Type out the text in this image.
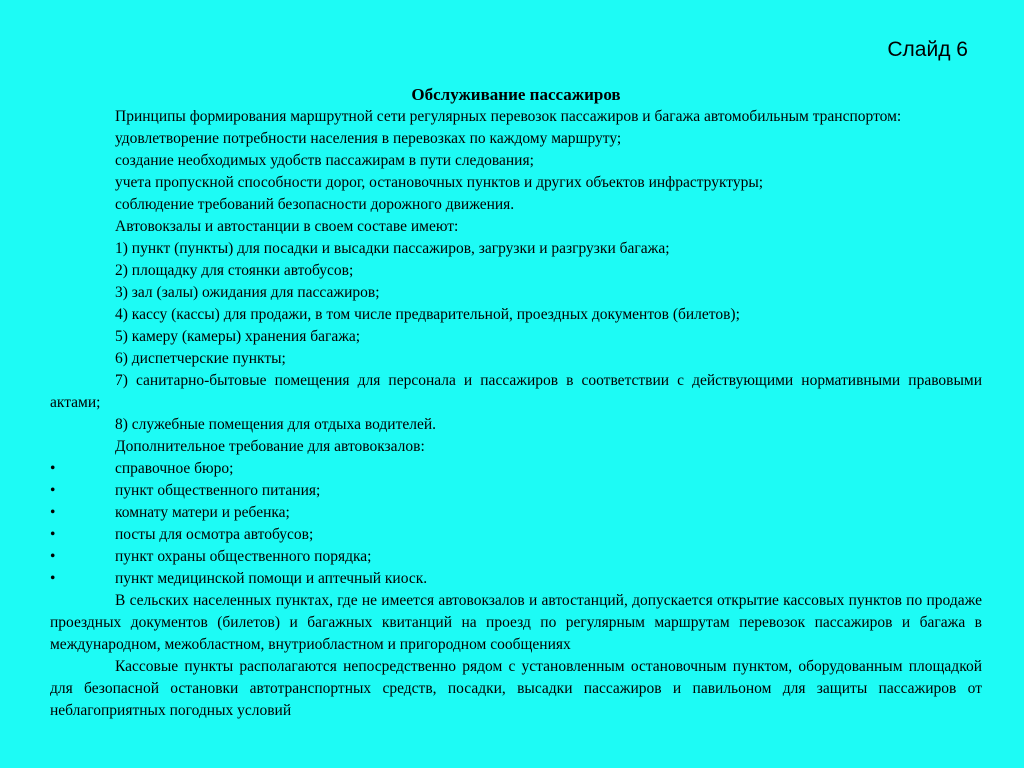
Слайд 6
Обслуживание пассажиров

Принципы формирования маршрутной сети регулярных перевозок пассажиров и багажа автомобильным транспортом:

удовлетворение потребности населения в перевозках по каждому маршруту;

создание необходимых удобств пассажирам в пути следования;

учета пропускной способности дорог, остановочных пунктов и других объектов инфраструктуры;

соблюдение требований безопасности дорожного движения.

Автовокзалы и автостанции в своем составе имеют:

1) пункт (пункты) для посадки и высадки пассажиров, загрузки и разгрузки багажа;

2) площадку для стоянки автобусов;

3) зал (залы) ожидания для пассажиров;

4) кассу (кассы) для продажи, в том числе предварительной, проездных документов (билетов);

5) камеру (камеры) хранения багажа;

6) диспетчерские пункты;

7) санитарно-бытовые помещения для персонала и пассажиров в соответствии с действующими нормативными правовыми актами;

8) служебные помещения для отдыха водителей.

Дополнительное требование для автовокзалов:

•	справочное бюро;
•	пункт общественного питания;
•	комнату матери и ребенка;
•	посты для осмотра автобусов;
•	пункт охраны общественного порядка;
•	пункт медицинской помощи и аптечный киоск.

В сельских населенных пунктах, где не имеется автовокзалов и автостанций, допускается открытие кассовых пунктов по продаже проездных документов (билетов) и багажных квитанций на проезд по регулярным маршрутам перевозок пассажиров и багажа в международном, межобластном, внутриобластном и пригородном сообщениях

Кассовые пункты располагаются непосредственно рядом с установленным остановочным пунктом, оборудованным площадкой для безопасной остановки автотранспортных средств, посадки, высадки пассажиров и павильоном для защиты пассажиров от неблагоприятных погодных условий
